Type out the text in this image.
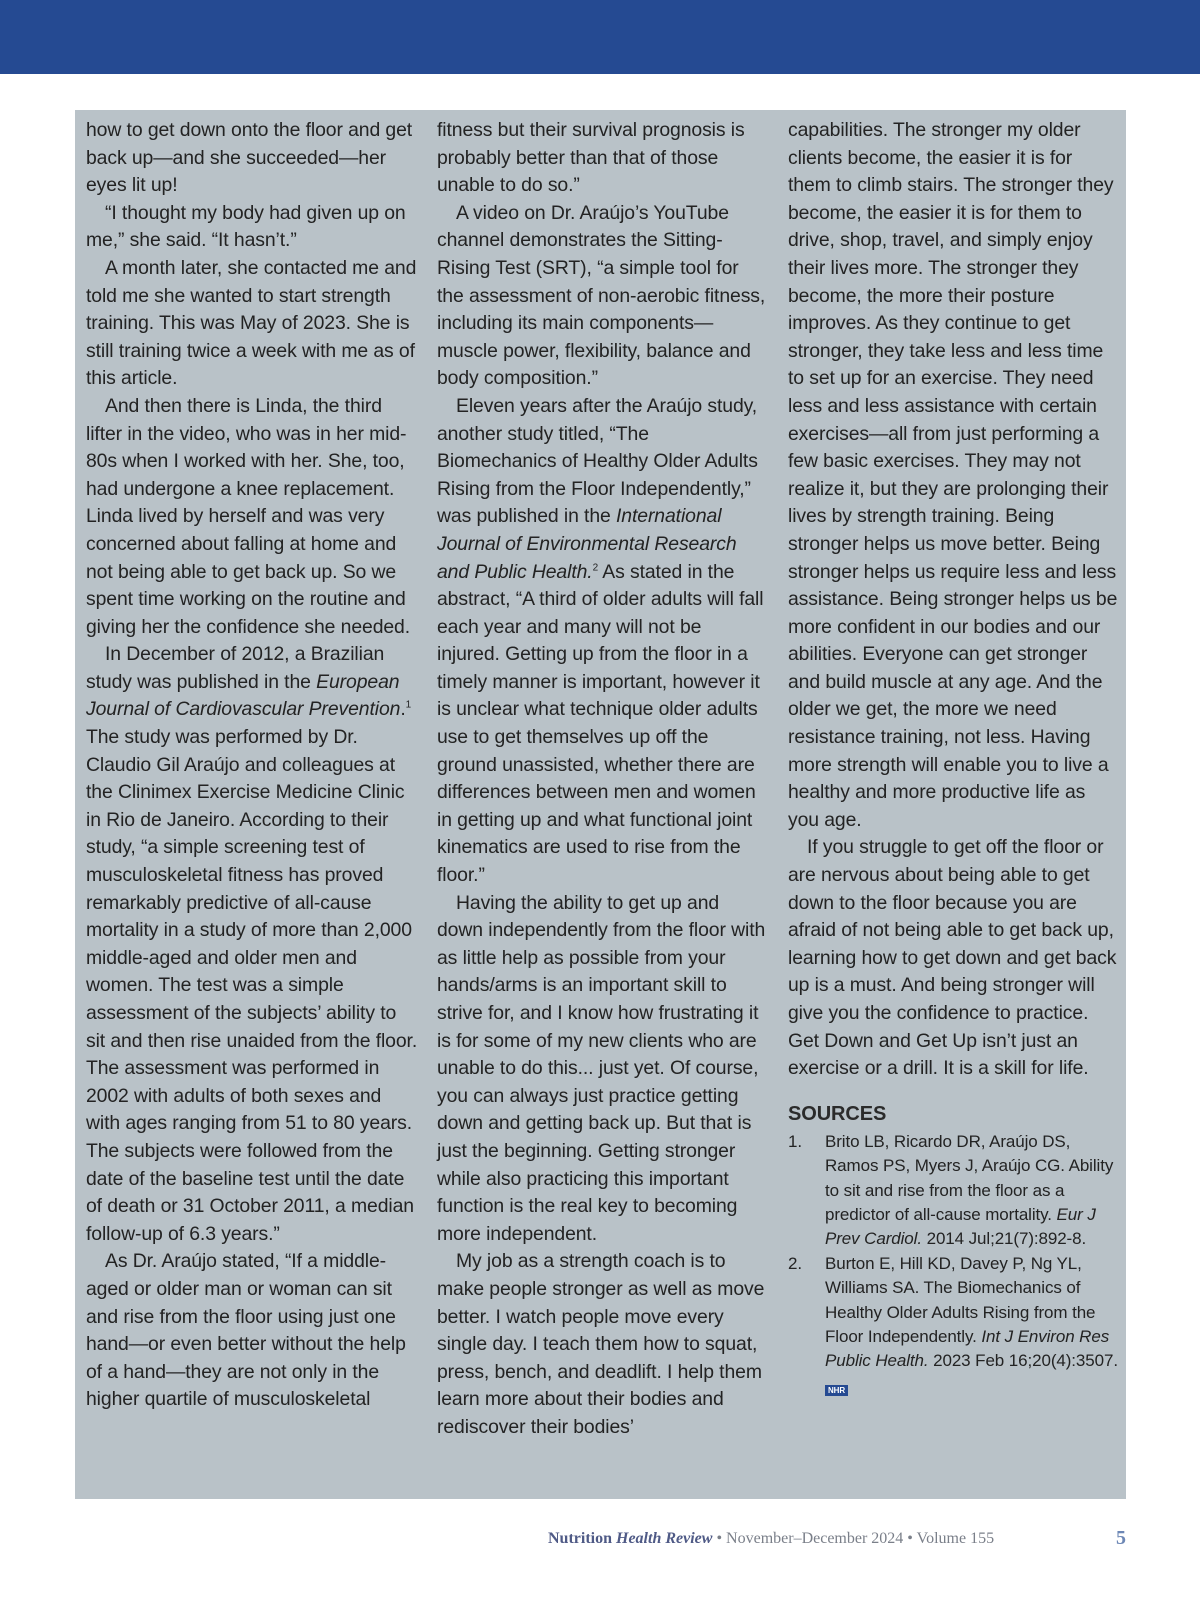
how to get down onto the floor and get back up—and she succeeded—her eyes lit up!

“I thought my body had given up on me,” she said. “It hasn’t.”

A month later, she contacted me and told me she wanted to start strength training. This was May of 2023. She is still training twice a week with me as of this article.

And then there is Linda, the third lifter in the video, who was in her mid-80s when I worked with her. She, too, had undergone a knee replacement. Linda lived by herself and was very concerned about falling at home and not being able to get back up. So we spent time working on the routine and giving her the confidence she needed.

In December of 2012, a Brazilian study was published in the European Journal of Cardiovascular Prevention.$^1$ The study was performed by Dr. Claudio Gil Araújo and colleagues at the Clinimex Exercise Medicine Clinic in Rio de Janeiro. According to their study, “a simple screening test of musculoskeletal fitness has proved remarkably predictive of all-cause mortality in a study of more than 2,000 middle-aged and older men and women. The test was a simple assessment of the subjects’ ability to sit and then rise unaided from the floor. The assessment was performed in 2002 with adults of both sexes and with ages ranging from 51 to 80 years. The subjects were followed from the date of the baseline test until the date of death or 31 October 2011, a median follow-up of 6.3 years.”

As Dr. Araújo stated, “If a middle-aged or older man or woman can sit and rise from the floor using just one hand—or even better without the help of a hand—they are not only in the higher quartile of musculoskeletal

fitness but their survival prognosis is probably better than that of those unable to do so.”

A video on Dr. Araújo’s YouTube channel demonstrates the Sitting-Rising Test (SRT), “a simple tool for the assessment of non-aerobic fitness, including its main components—muscle power, flexibility, balance and body composition.”

Eleven years after the Araújo study, another study titled, “The Biomechanics of Healthy Older Adults Rising from the Floor Independently,” was published in the International Journal of Environmental Research and Public Health.$^2$ As stated in the abstract, “A third of older adults will fall each year and many will not be injured. Getting up from the floor in a timely manner is important, however it is unclear what technique older adults use to get themselves up off the ground unassisted, whether there are differences between men and women in getting up and what functional joint kinematics are used to rise from the floor.”

Having the ability to get up and down independently from the floor with as little help as possible from your hands/arms is an important skill to strive for, and I know how frustrating it is for some of my new clients who are unable to do this... just yet. Of course, you can always just practice getting down and getting back up. But that is just the beginning. Getting stronger while also practicing this important function is the real key to becoming more independent.

My job as a strength coach is to make people stronger as well as move better. I watch people move every single day. I teach them how to squat, press, bench, and deadlift. I help them learn more about their bodies and rediscover their bodies’

capabilities. The stronger my older clients become, the easier it is for them to climb stairs. The stronger they become, the easier it is for them to drive, shop, travel, and simply enjoy their lives more. The stronger they become, the more their posture improves. As they continue to get stronger, they take less and less time to set up for an exercise. They need less and less assistance with certain exercises—all from just performing a few basic exercises. They may not realize it, but they are prolonging their lives by strength training. Being stronger helps us move better. Being stronger helps us require less and less assistance. Being stronger helps us be more confident in our bodies and our abilities. Everyone can get stronger and build muscle at any age. And the older we get, the more we need resistance training, not less. Having more strength will enable you to live a healthy and more productive life as you age.

If you struggle to get off the floor or are nervous about being able to get down to the floor because you are afraid of not being able to get back up, learning how to get down and get back up is a must. And being stronger will give you the confidence to practice. Get Down and Get Up isn’t just an exercise or a drill. It is a skill for life.

SOURCES
1.	Brito LB, Ricardo DR, Araújo DS, Ramos PS, Myers J, Araújo CG. Ability to sit and rise from the floor as a predictor of all-cause mortality. Eur J Prev Cardiol. 2014 Jul;21(7):892-8.
2.	Burton E, Hill KD, Davey P, Ng YL, Williams SA. The Biomechanics of Healthy Older Adults Rising from the Floor Independently. Int J Environ Res Public Health. 2023 Feb 16;20(4):3507.
NHR
Nutrition Health Review • November–December 2024 • Volume 155	5
